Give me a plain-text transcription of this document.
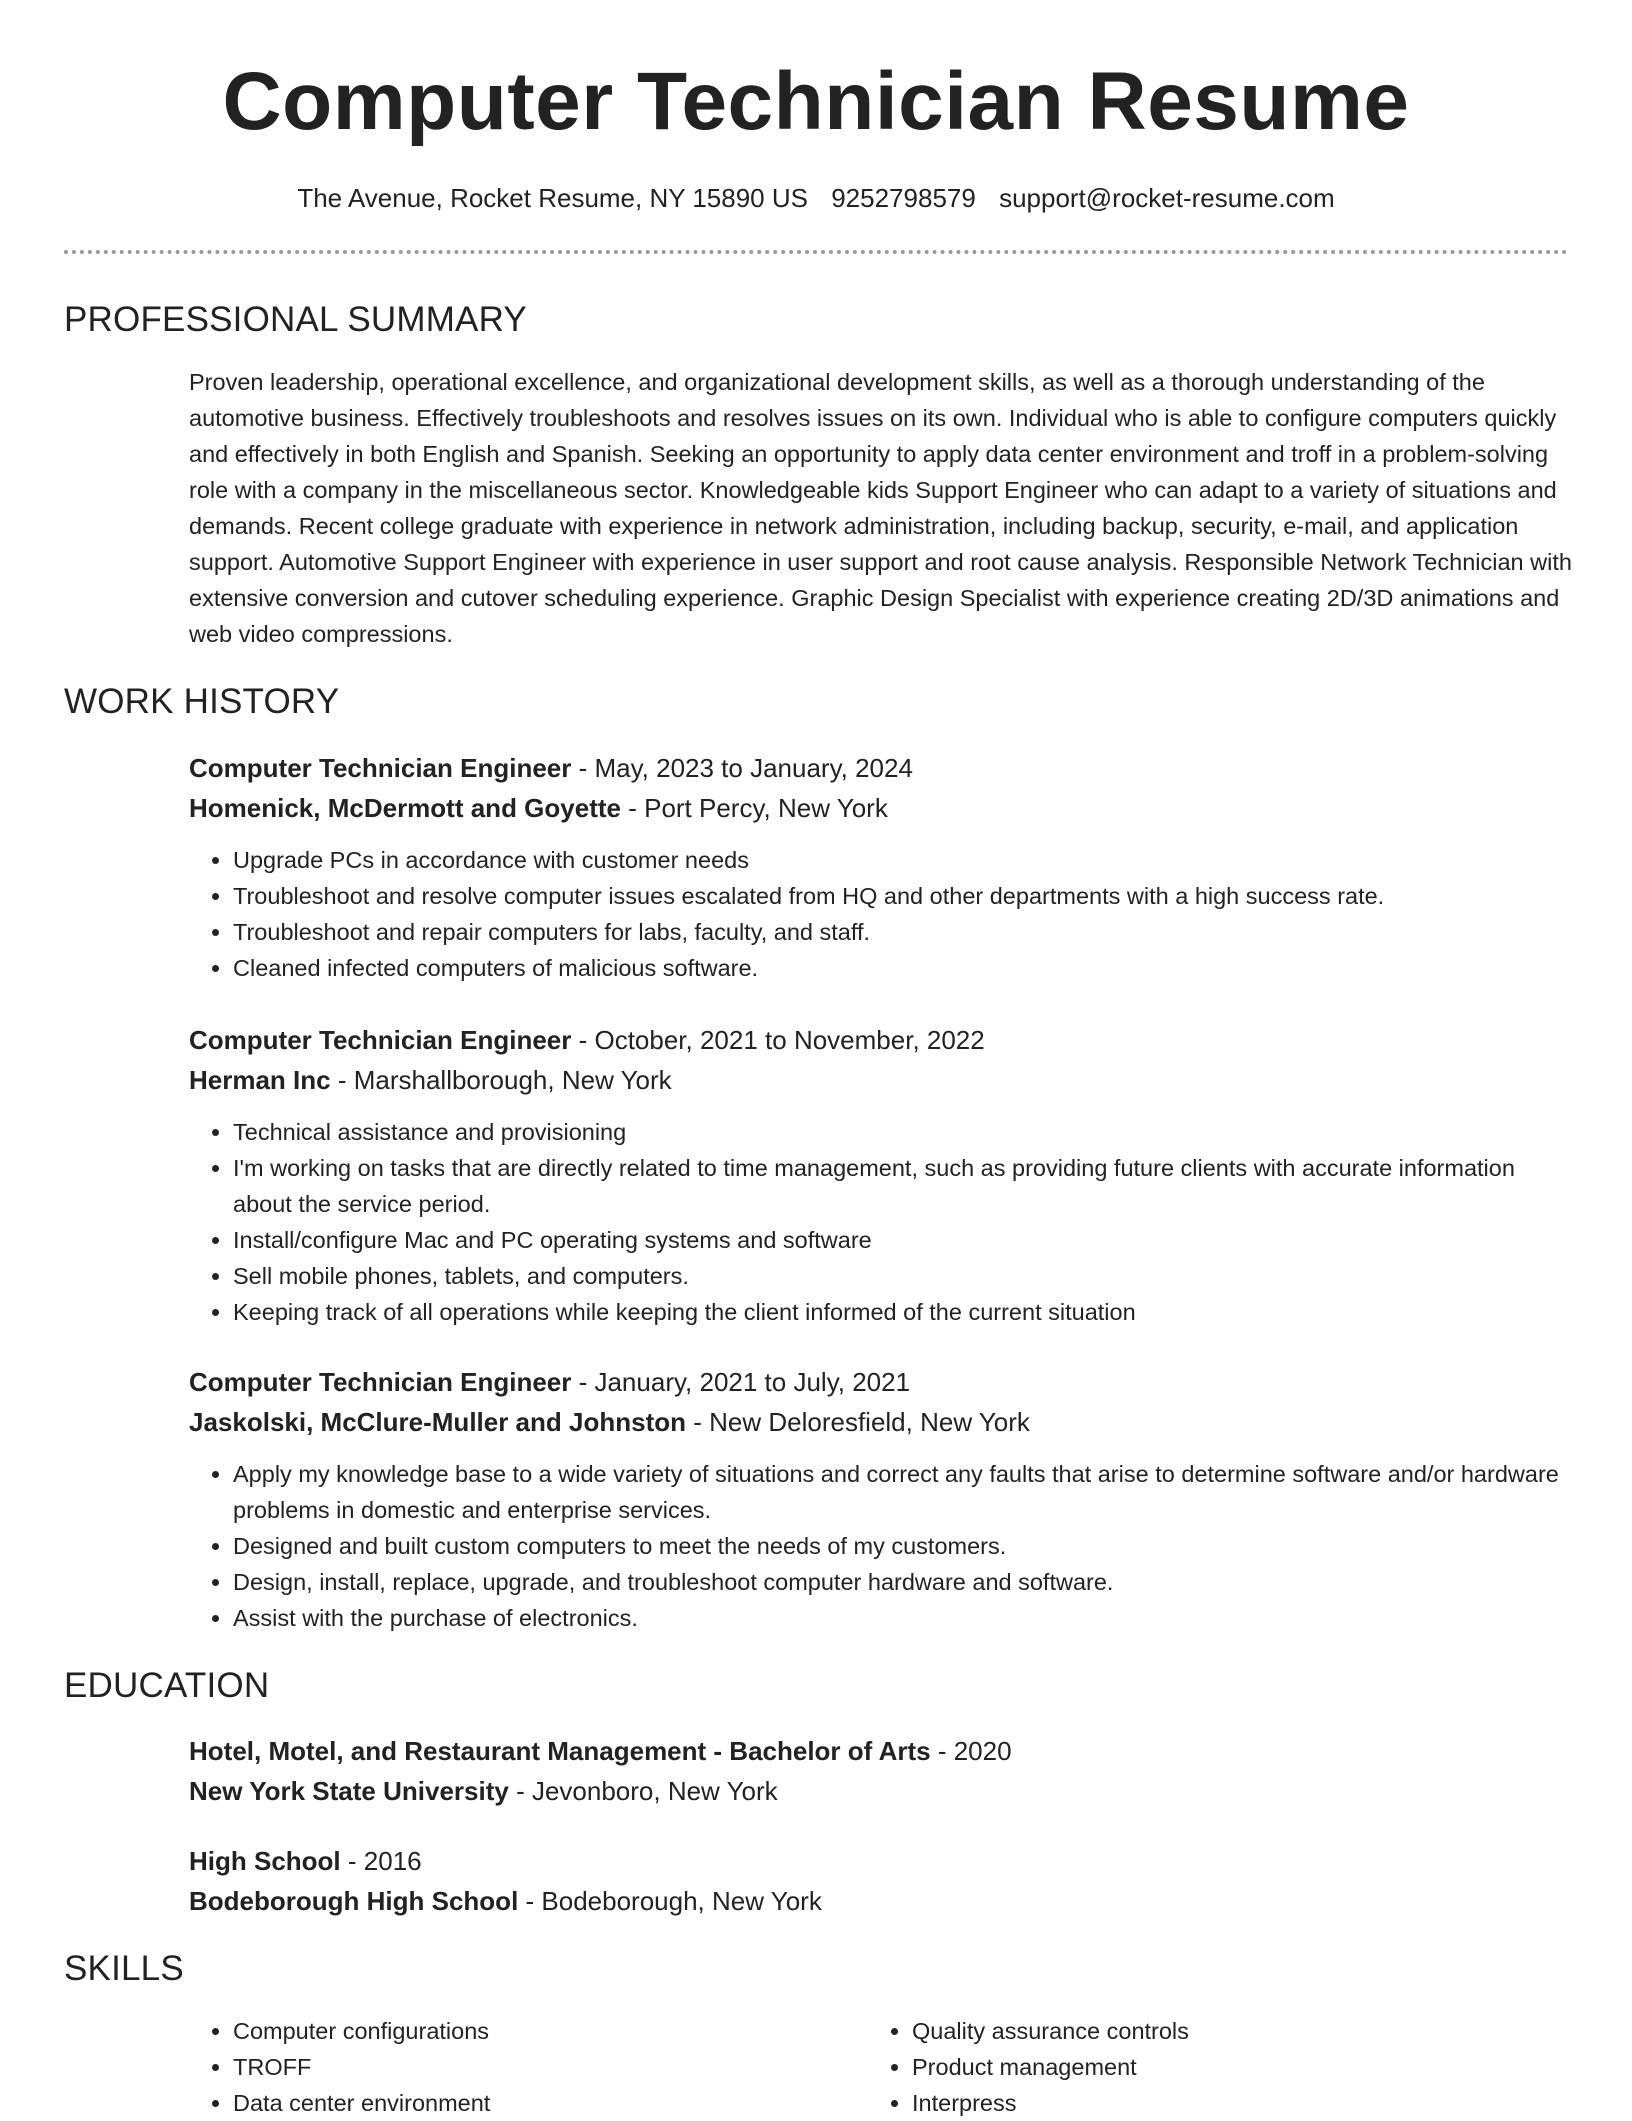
Computer Technician Resume
The Avenue, Rocket Resume, NY 15890 US 9252798579 support@rocket-resume.com
PROFESSIONAL SUMMARY
Proven leadership, operational excellence, and organizational development skills, as well as a thorough understanding of the automotive business. Effectively troubleshoots and resolves issues on its own. Individual who is able to configure computers quickly and effectively in both English and Spanish. Seeking an opportunity to apply data center environment and troff in a problem-solving role with a company in the miscellaneous sector. Knowledgeable kids Support Engineer who can adapt to a variety of situations and demands. Recent college graduate with experience in network administration, including backup, security, e-mail, and application support. Automotive Support Engineer with experience in user support and root cause analysis. Responsible Network Technician with extensive conversion and cutover scheduling experience. Graphic Design Specialist with experience creating 2D/3D animations and web video compressions.
WORK HISTORY
Computer Technician Engineer - May, 2023 to January, 2024
Homenick, McDermott and Goyette - Port Percy, New York
• Upgrade PCs in accordance with customer needs
• Troubleshoot and resolve computer issues escalated from HQ and other departments with a high success rate.
• Troubleshoot and repair computers for labs, faculty, and staff.
• Cleaned infected computers of malicious software.
Computer Technician Engineer - October, 2021 to November, 2022
Herman Inc - Marshallborough, New York
• Technical assistance and provisioning
• I'm working on tasks that are directly related to time management, such as providing future clients with accurate information about the service period.
• Install/configure Mac and PC operating systems and software
• Sell mobile phones, tablets, and computers.
• Keeping track of all operations while keeping the client informed of the current situation
Computer Technician Engineer - January, 2021 to July, 2021
Jaskolski, McClure-Muller and Johnston - New Deloresfield, New York
• Apply my knowledge base to a wide variety of situations and correct any faults that arise to determine software and/or hardware problems in domestic and enterprise services.
• Designed and built custom computers to meet the needs of my customers.
• Design, install, replace, upgrade, and troubleshoot computer hardware and software.
• Assist with the purchase of electronics.
EDUCATION
Hotel, Motel, and Restaurant Management - Bachelor of Arts - 2020
New York State University - Jevonboro, New York
High School - 2016
Bodeborough High School - Bodeborough, New York
SKILLS
• Computer configurations
• TROFF
• Data center environment
• Quality assurance controls
• Product management
• Interpress
